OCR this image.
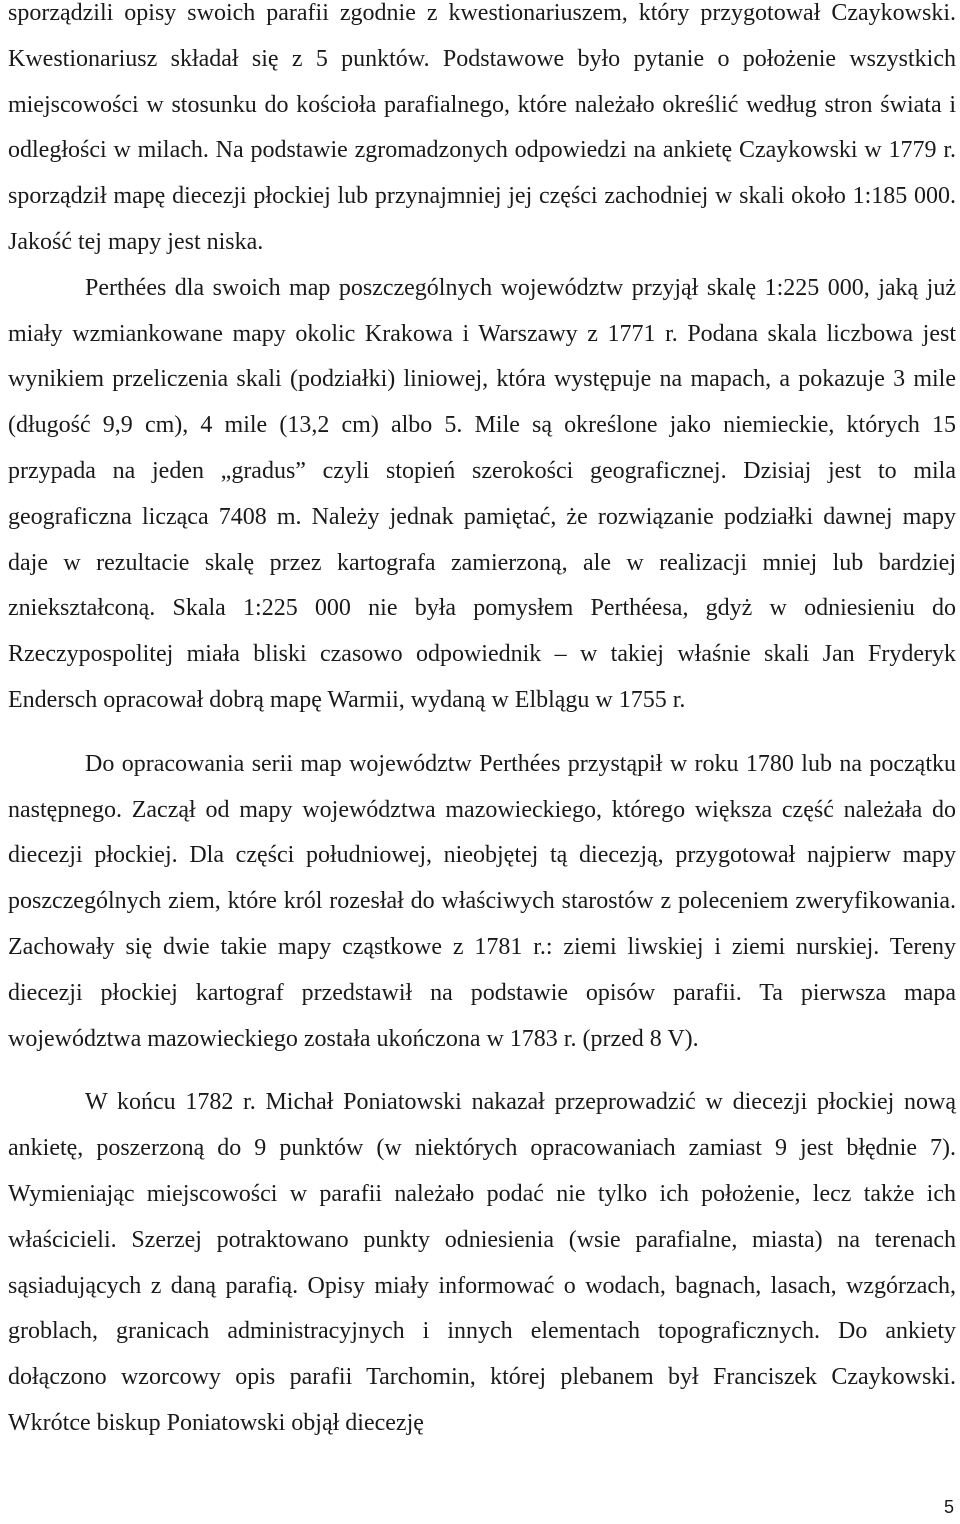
sporządzili opisy swoich parafii zgodnie z kwestionariuszem, który przygotował Czaykowski. Kwestionariusz składał się z 5 punktów. Podstawowe było pytanie o położenie wszystkich miejscowości w stosunku do kościoła parafialnego, które należało określić według stron świata i odległości w milach. Na podstawie zgromadzonych odpowiedzi na ankietę Czaykowski w 1779 r. sporządził mapę diecezji płockiej lub przynajmniej jej części zachodniej w skali około 1:185 000. Jakość tej mapy jest niska.

Perthées dla swoich map poszczególnych województw przyjął skalę 1:225 000, jaką już miały wzmiankowane mapy okolic Krakowa i Warszawy z 1771 r. Podana skala liczbowa jest wynikiem przeliczenia skali (podziałki) liniowej, która występuje na mapach, a pokazuje 3 mile (długość 9,9 cm), 4 mile (13,2 cm) albo 5. Mile są określone jako niemieckie, których 15 przypada na jeden „gradus” czyli stopień szerokości geograficznej. Dzisiaj jest to mila geograficzna licząca 7408 m. Należy jednak pamiętać, że rozwiązanie podziałki dawnej mapy daje w rezultacie skalę przez kartografa zamierzoną, ale w realizacji mniej lub bardziej zniekształconą. Skala 1:225 000 nie była pomysłem Perthéesa, gdyż w odniesieniu do Rzeczypospolitej miała bliski czasowo odpowiednik – w takiej właśnie skali Jan Fryderyk Endersch opracował dobrą mapę Warmii, wydaną w Elblągu w 1755 r.

Do opracowania serii map województw Perthées przystąpił w roku 1780 lub na początku następnego. Zaczął od mapy województwa mazowieckiego, którego większa część należała do diecezji płockiej. Dla części południowej, nieobjętej tą diecezją, przygotował najpierw mapy poszczególnych ziem, które król rozesłał do właściwych starostów z poleceniem zweryfikowania. Zachowały się dwie takie mapy cząstkowe z 1781 r.: ziemi liwskiej i ziemi nurskiej. Tereny diecezji płockiej kartograf przedstawił na podstawie opisów parafii. Ta pierwsza mapa województwa mazowieckiego została ukończona w 1783 r. (przed 8 V).

W końcu 1782 r. Michał Poniatowski nakazał przeprowadzić w diecezji płockiej nową ankietę, poszerzoną do 9 punktów (w niektórych opracowaniach zamiast 9 jest błędnie 7). Wymieniając miejscowości w parafii należało podać nie tylko ich położenie, lecz także ich właścicieli. Szerzej potraktowano punkty odniesienia (wsie parafialne, miasta) na terenach sąsiadujących z daną parafią. Opisy miały informować o wodach, bagnach, lasach, wzgórzach, groblach, granicach administracyjnych i innych elementach topograficznych. Do ankiety dołączono wzorcowy opis parafii Tarchomin, której plebanem był Franciszek Czaykowski. Wkrótce biskup Poniatowski objął diecezję

5
